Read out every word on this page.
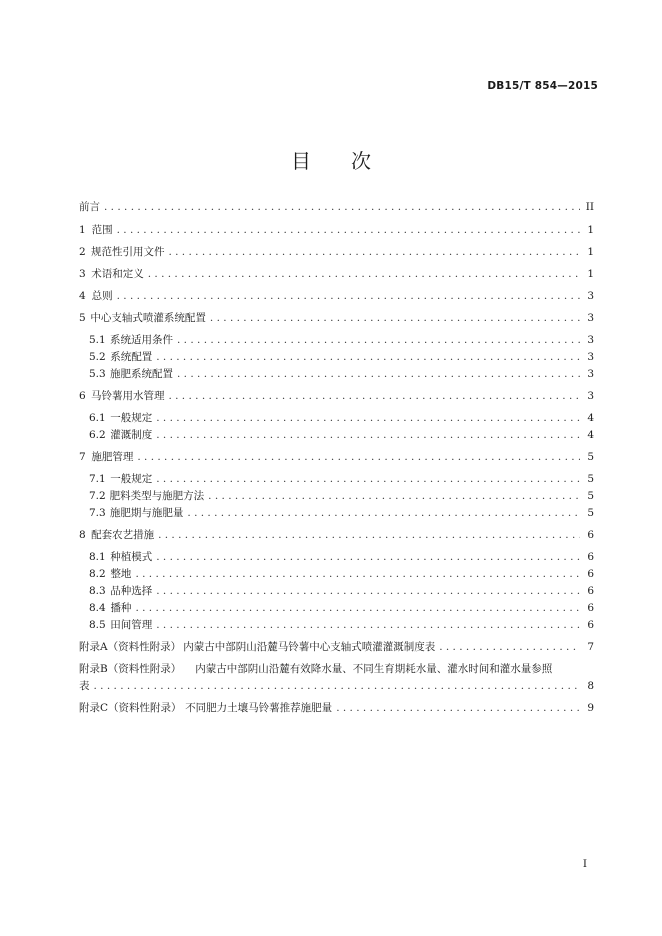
DB15/T 854—2015
目 次
前言 . . .	II
1 范围 . . .	1
2 规范性引用文件 . . .	1
3 术语和定义 . . .	1
4 总则 . . .	3
5 中心支轴式喷灌系统配置 . . .	3
5.1 系统适用条件 . . .	3
5.2 系统配置 . . .	3
5.3 施肥系统配置 . . .	3
6 马铃薯用水管理 . . .	3
6.1 一般规定 . . .	4
6.2 灌溉制度 . . .	4
7 施肥管理 . . .	5
7.1 一般规定 . . .	5
7.2 肥料类型与施肥方法 . . .	5
7.3 施肥期与施肥量 . . .	5
8 配套农艺措施 . . .	6
8.1 种植模式 . . .	6
8.2 整地 . . .	6
8.3 品种选择 . . .	6
8.4 播种 . . .	6
8.5 田间管理 . . .	6
附录A（资料性附录） 内蒙古中部阴山沿麓马铃薯中心支轴式喷灌灌溉制度表 . . .	7
附录B（资料性附录） 内蒙古中部阴山沿麓有效降水量、不同生育期耗水量、灌水时间和灌水量参照
表 . . .	8
附录C（资料性附录） 不同肥力土壤马铃薯推荐施肥量 . . .	9
I
